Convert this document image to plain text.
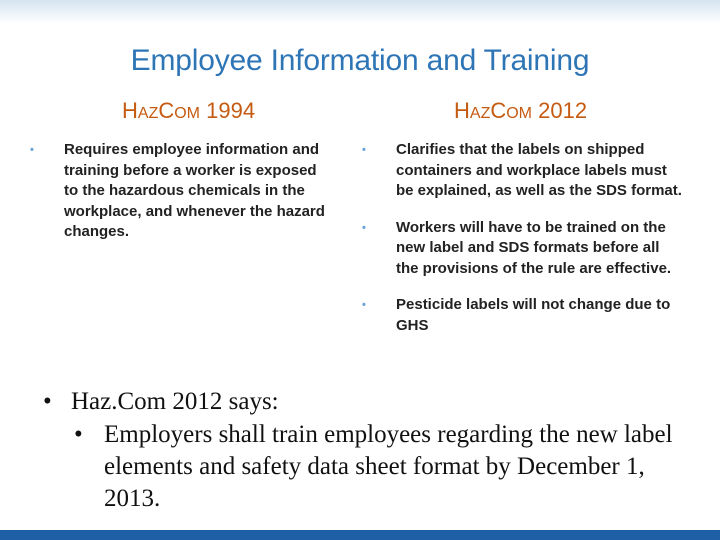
Employee Information and Training
HAZCOM 1994	HAZCOM 2012
• Requires employee information and training before a worker is exposed to the hazardous chemicals in the workplace, and whenever the hazard changes.
• Clarifies that the labels on shipped containers and workplace labels must be explained, as well as the SDS format.
• Workers will have to be trained on the new label and SDS formats before all the provisions of the rule are effective.
• Pesticide labels will not change due to GHS
• Haz.Com 2012 says:
• Employers shall train employees regarding the new label elements and safety data sheet format by December 1, 2013.
